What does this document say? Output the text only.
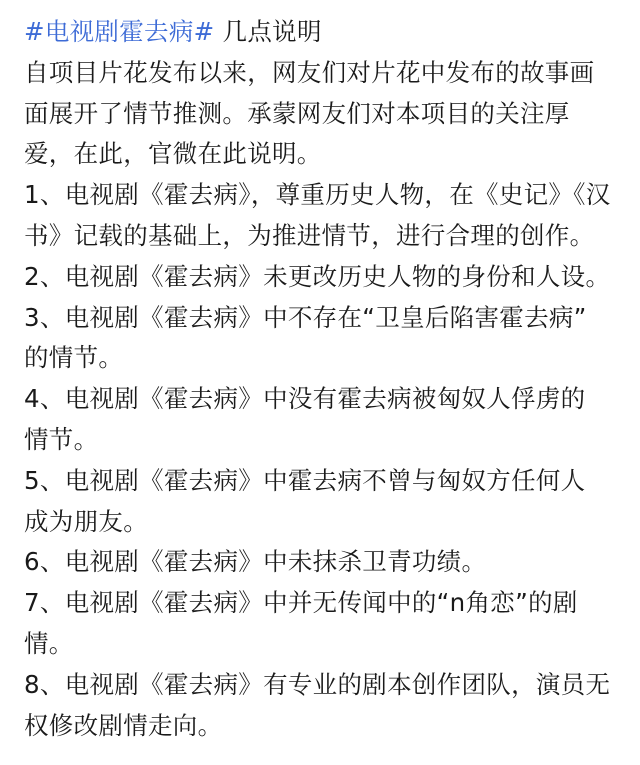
#电视剧霍去病# 几点说明
自项目片花发布以来，网友们对片花中发布的故事画
面展开了情节推测。承蒙网友们对本项目的关注厚
爱，在此，官微在此说明。
1、电视剧《霍去病》，尊重历史人物，在《史记》《汉
书》记载的基础上，为推进情节，进行合理的创作。
2、电视剧《霍去病》未更改历史人物的身份和人设。
3、电视剧《霍去病》中不存在“卫皇后陷害霍去病”
的情节。
4、电视剧《霍去病》中没有霍去病被匈奴人俘虏的
情节。
5、电视剧《霍去病》中霍去病不曾与匈奴方任何人
成为朋友。
6、电视剧《霍去病》中未抹杀卫青功绩。
7、电视剧《霍去病》中并无传闻中的“n角恋”的剧
情。
8、电视剧《霍去病》有专业的剧本创作团队，演员无
权修改剧情走向。
